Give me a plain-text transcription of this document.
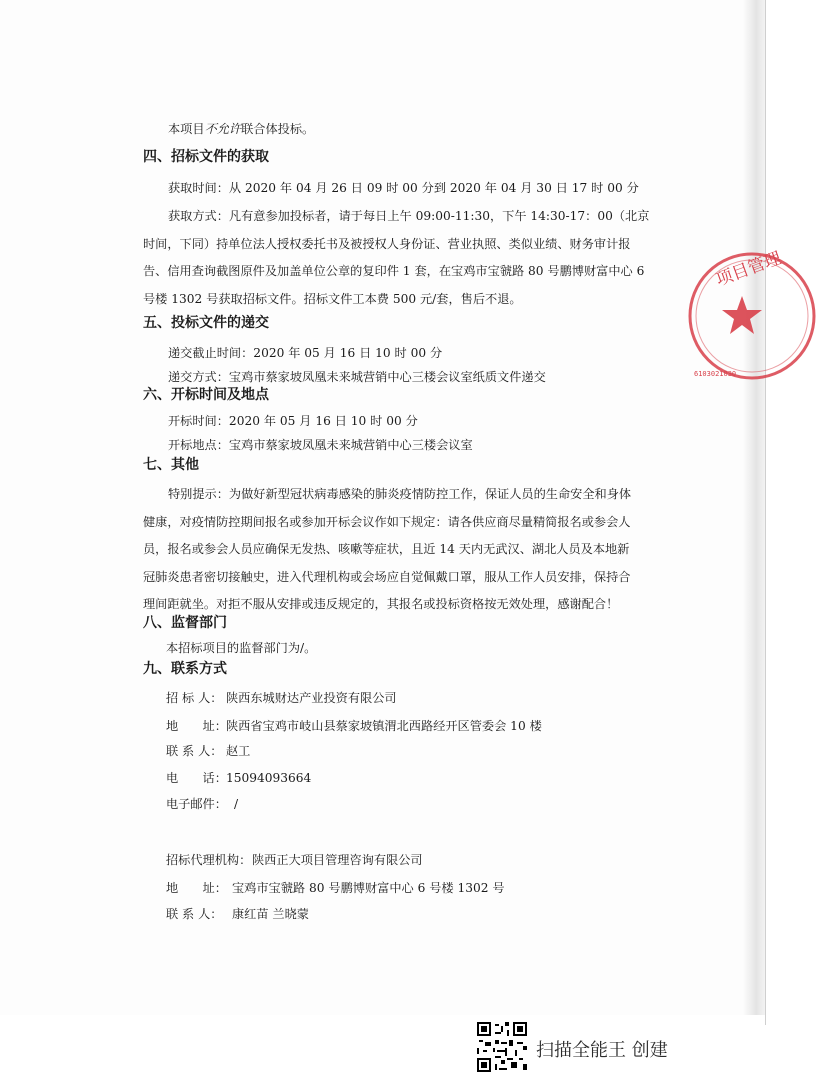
本项目不允许联合体投标。
四、招标文件的获取
获取时间：从 2020 年 04 月 26 日 09 时 00 分到 2020 年 04 月 30 日 17 时 00 分
获取方式：凡有意参加投标者，请于每日上午 09:00-11:30，下午 14:30-17：00（北京
时间，下同）持单位法人授权委托书及被授权人身份证、营业执照、类似业绩、财务审计报
告、信用查询截图原件及加盖单位公章的复印件 1 套，在宝鸡市宝虢路 80 号鹏博财富中心 6
号楼 1302 号获取招标文件。招标文件工本费 500 元/套，售后不退。
五、投标文件的递交
递交截止时间：2020 年 05 月 16 日 10 时 00 分
递交方式：宝鸡市蔡家坡凤凰未来城营销中心三楼会议室纸质文件递交
六、开标时间及地点
开标时间：2020 年 05 月 16 日 10 时 00 分
开标地点：宝鸡市蔡家坡凤凰未来城营销中心三楼会议室
七、其他
特别提示：为做好新型冠状病毒感染的肺炎疫情防控工作，保证人员的生命安全和身体
健康，对疫情防控期间报名或参加开标会议作如下规定：请各供应商尽量精简报名或参会人
员，报名或参会人员应确保无发热、咳嗽等症状，且近 14 天内无武汉、湖北人员及本地新
冠肺炎患者密切接触史，进入代理机构或会场应自觉佩戴口罩，服从工作人员安排，保持合
理间距就坐。对拒不服从安排或违反规定的，其报名或投标资格按无效处理，感谢配合！
八、监督部门
本招标项目的监督部门为/。
九、联系方式
招 标 人： 陕西东城财达产业投资有限公司
地　　址：陕西省宝鸡市岐山县蔡家坡镇渭北西路经开区管委会 10 楼
联 系 人： 赵工
电　　话：15094093664
电子邮件： /
招标代理机构：陕西正大项目管理咨询有限公司
地　　址： 宝鸡市宝虢路 80 号鹏博财富中心 6 号楼 1302 号
联 系 人： 康红苗 兰晓蒙
项目管理
6103021030
扫描全能王 创建
